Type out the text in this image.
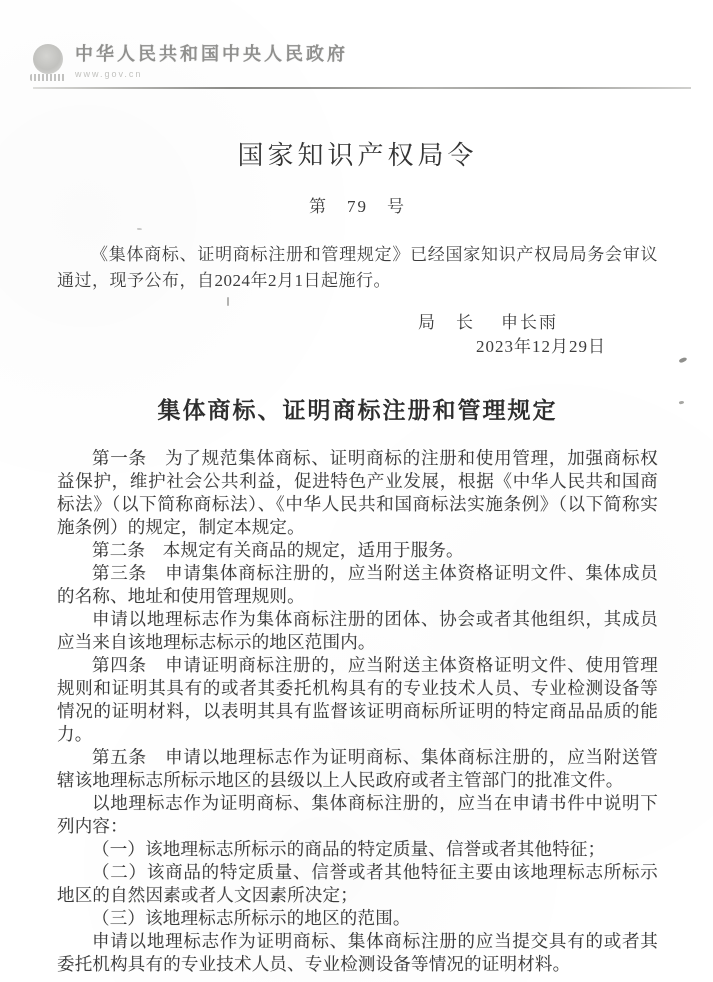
中华人民共和国中央人民政府
www.gov.cn
国家知识产权局令
第　79　号

《集体商标、证明商标注册和管理规定》已经国家知识产权局局务会审议通过，现予公布，自2024年2月1日起施行。

局　长 申长雨
2023年12月29日
集体商标、证明商标注册和管理规定

第一条　为了规范集体商标、证明商标的注册和使用管理，加强商标权益保护，维护社会公共利益，促进特色产业发展，根据《中华人民共和国商标法》（以下简称商标法）、《中华人民共和国商标法实施条例》（以下简称实施条例）的规定，制定本规定。

第二条　本规定有关商品的规定，适用于服务。

第三条　申请集体商标注册的，应当附送主体资格证明文件、集体成员的名称、地址和使用管理规则。

申请以地理标志作为集体商标注册的团体、协会或者其他组织，其成员应当来自该地理标志标示的地区范围内。

第四条　申请证明商标注册的，应当附送主体资格证明文件、使用管理规则和证明其具有的或者其委托机构具有的专业技术人员、专业检测设备等情况的证明材料，以表明其具有监督该证明商标所证明的特定商品品质的能力。

第五条　申请以地理标志作为证明商标、集体商标注册的，应当附送管辖该地理标志所标示地区的县级以上人民政府或者主管部门的批准文件。

以地理标志作为证明商标、集体商标注册的，应当在申请书件中说明下列内容：

（一）该地理标志所标示的商品的特定质量、信誉或者其他特征；

（二）该商品的特定质量、信誉或者其他特征主要由该地理标志所标示地区的自然因素或者人文因素所决定；

（三）该地理标志所标示的地区的范围。

申请以地理标志作为证明商标、集体商标注册的应当提交具有的或者其委托机构具有的专业技术人员、专业检测设备等情况的证明材料。
